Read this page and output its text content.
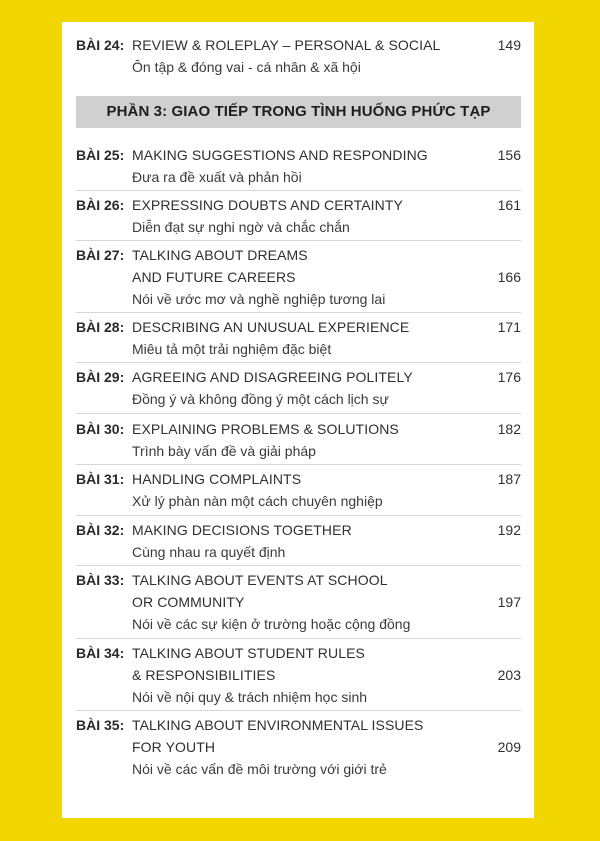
BÀI 24: REVIEW & ROLEPLAY – PERSONAL & SOCIAL	149
Ôn tập & đóng vai - cá nhân & xã hội
PHẦN 3: GIAO TIẾP TRONG TÌNH HUỐNG PHỨC TẠP
BÀI 25: MAKING SUGGESTIONS AND RESPONDING	156
Đưa ra đề xuất và phản hồi
BÀI 26: EXPRESSING DOUBTS AND CERTAINTY	161
Diễn đạt sự nghi ngờ và chắc chắn
BÀI 27: TALKING ABOUT DREAMS
AND FUTURE CAREERS	166
Nói về ước mơ và nghề nghiệp tương lai
BÀI 28: DESCRIBING AN UNUSUAL EXPERIENCE	171
Miêu tả một trải nghiệm đặc biệt
BÀI 29: AGREEING AND DISAGREEING POLITELY	176
Đồng ý và không đồng ý một cách lịch sự
BÀI 30: EXPLAINING PROBLEMS & SOLUTIONS	182
Trình bày vấn đề và giải pháp
BÀI 31: HANDLING COMPLAINTS	187
Xử lý phàn nàn một cách chuyên nghiệp
BÀI 32: MAKING DECISIONS TOGETHER	192
Cùng nhau ra quyết định
BÀI 33: TALKING ABOUT EVENTS AT SCHOOL
OR COMMUNITY	197
Nói về các sự kiện ở trường hoặc cộng đồng
BÀI 34: TALKING ABOUT STUDENT RULES
& RESPONSIBILITIES	203
Nói về nội quy & trách nhiệm học sinh
BÀI 35: TALKING ABOUT ENVIRONMENTAL ISSUES
FOR YOUTH	209
Nói về các vấn đề môi trường với giới trẻ
